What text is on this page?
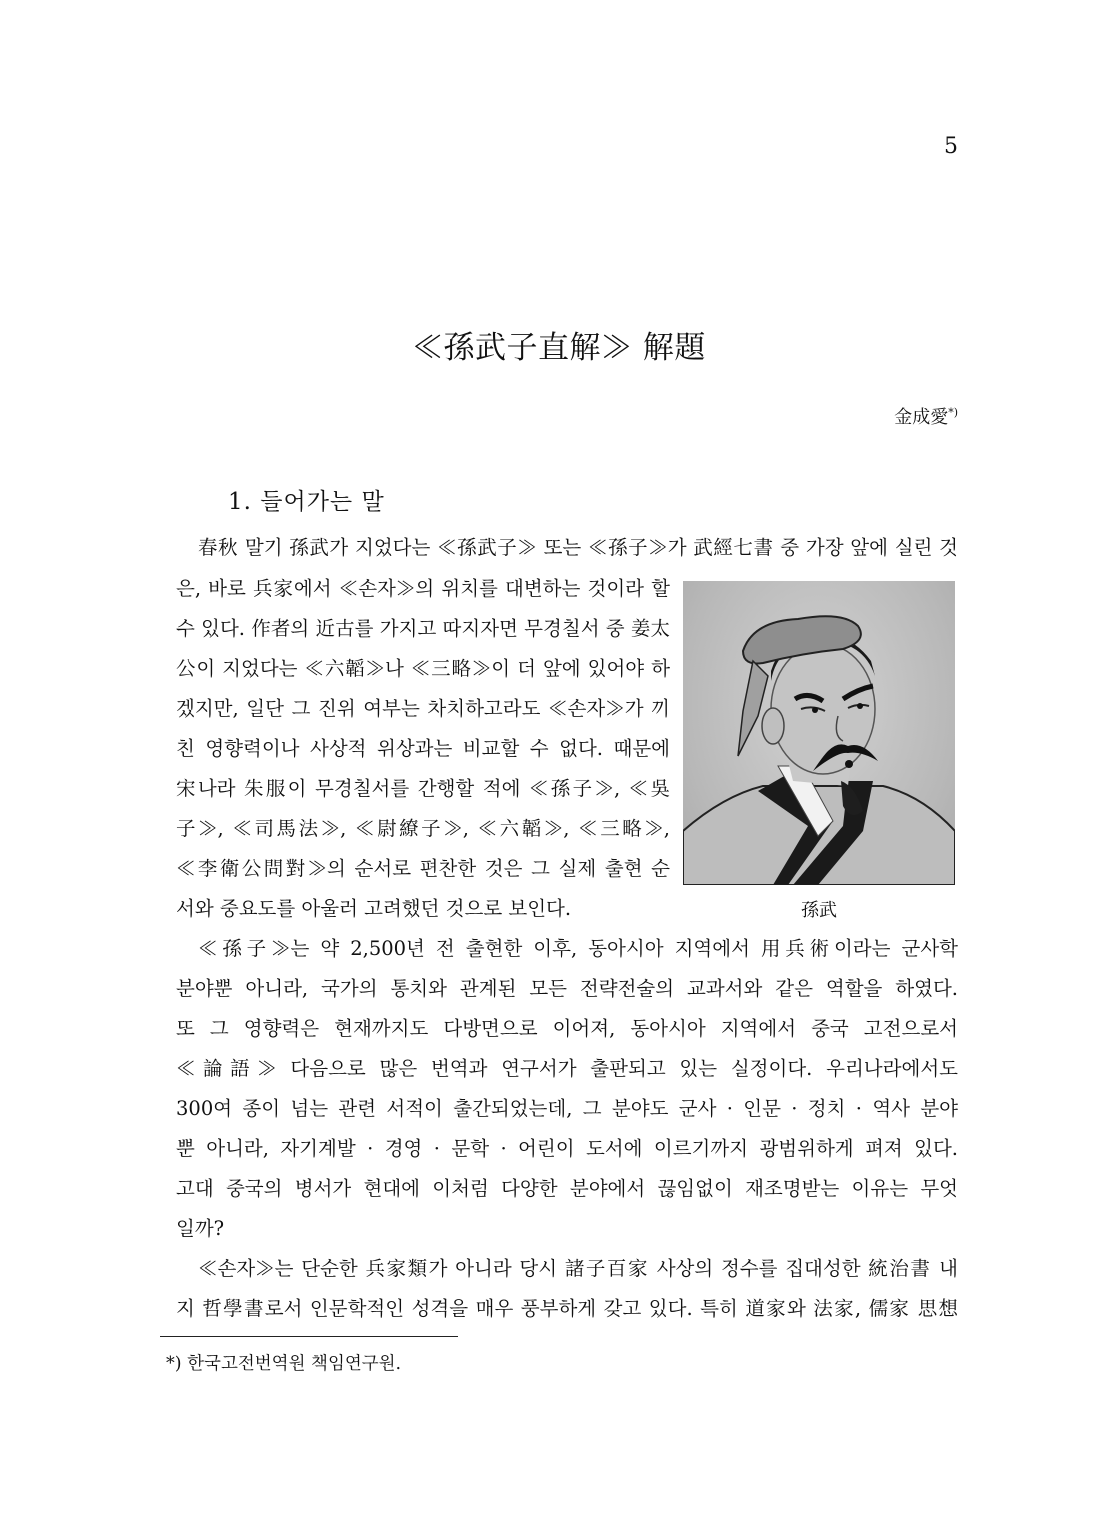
5
≪孫武子直解≫ 解題
金成愛*)
1. 들어가는 말
春秋 말기 孫武가 지었다는 ≪孫武子≫ 또는 ≪孫子≫가 武經七書 중 가장 앞에 실린 것
은, 바로 兵家에서 ≪손자≫의 위치를 대변하는 것이라 할
수 있다. 作者의 近古를 가지고 따지자면 무경칠서 중 姜太
公이 지었다는 ≪六韜≫나 ≪三略≫이 더 앞에 있어야 하
겠지만, 일단 그 진위 여부는 차치하고라도 ≪손자≫가 끼
친 영향력이나 사상적 위상과는 비교할 수 없다. 때문에
宋나라 朱服이 무경칠서를 간행할 적에 ≪孫子≫, ≪吳
子≫, ≪司馬法≫, ≪尉繚子≫, ≪六韜≫, ≪三略≫,
≪李衛公問對≫의 순서로 편찬한 것은 그 실제 출현 순
서와 중요도를 아울러 고려했던 것으로 보인다.	孫武
≪孫子≫는 약 2,500년 전 출현한 이후, 동아시아 지역에서 用兵術이라는 군사학
분야뿐 아니라, 국가의 통치와 관계된 모든 전략전술의 교과서와 같은 역할을 하였다.
또 그 영향력은 현재까지도 다방면으로 이어져, 동아시아 지역에서 중국 고전으로서
≪論語≫ 다음으로 많은 번역과 연구서가 출판되고 있는 실정이다. 우리나라에서도
300여 종이 넘는 관련 서적이 출간되었는데, 그 분야도 군사 · 인문 · 정치 · 역사 분야
뿐 아니라, 자기계발 · 경영 · 문학 · 어린이 도서에 이르기까지 광범위하게 펴져 있다.
고대 중국의 병서가 현대에 이처럼 다양한 분야에서 끊임없이 재조명받는 이유는 무엇
일까?
≪손자≫는 단순한 兵家類가 아니라 당시 諸子百家 사상의 정수를 집대성한 統治書 내
지 哲學書로서 인문학적인 성격을 매우 풍부하게 갖고 있다. 특히 道家와 法家, 儒家 思想
*) 한국고전번역원 책임연구원.
